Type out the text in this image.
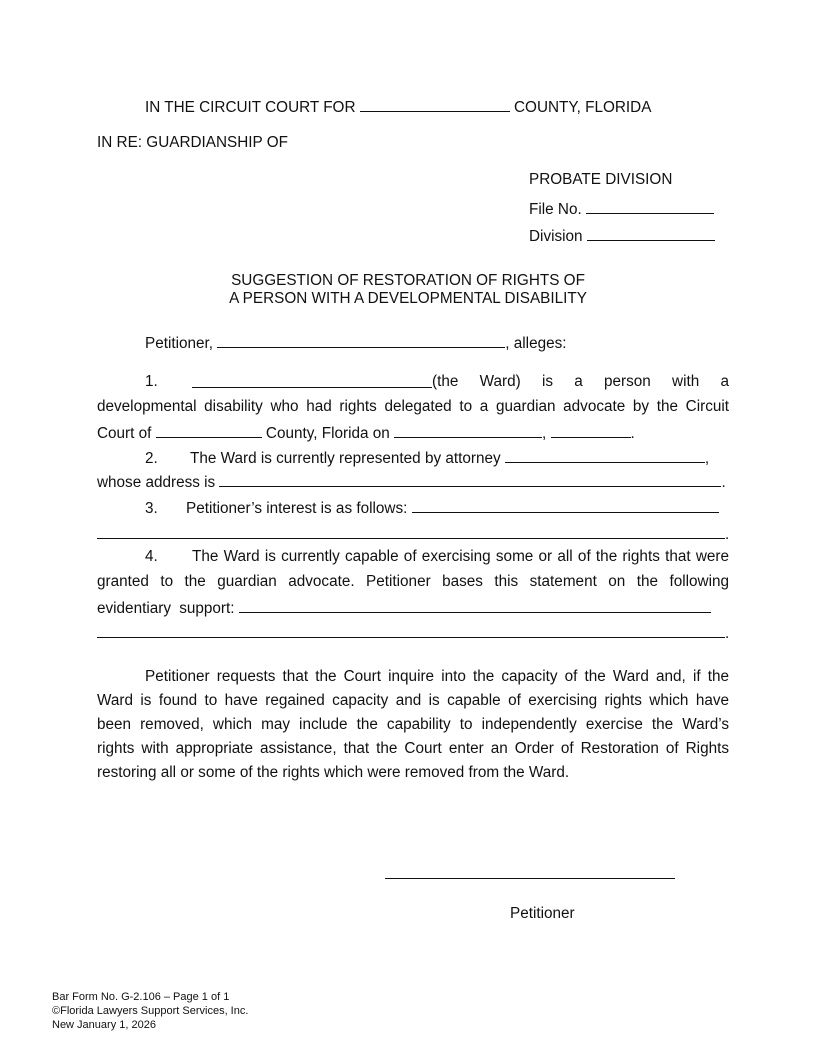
IN THE CIRCUIT COURT FOR	COUNTY, FLORIDA
IN RE: GUARDIANSHIP OF
PROBATE DIVISION
File No.
Division
SUGGESTION OF RESTORATION OF RIGHTS OF
A PERSON WITH A DEVELOPMENTAL DISABILITY
Petitioner,	, alleges:
1.	(the Ward) is a person with a
developmental disability who had rights delegated to a guardian advocate by the Circuit
Court of	County, Florida on	,	.
2. The Ward is currently represented by attorney	,
whose address is	.
3. Petitioner’s interest is as follows:
.
4. The Ward is currently capable of exercising some or all of the rights that were
granted to the guardian advocate. Petitioner bases this statement on the following
evidentiary support:
.
Petitioner requests that the Court inquire into the capacity of the Ward and, if the
Ward is found to have regained capacity and is capable of exercising rights which have
been removed, which may include the capability to independently exercise the Ward’s
rights with appropriate assistance, that the Court enter an Order of Restoration of Rights
restoring all or some of the rights which were removed from the Ward.
Petitioner
Bar Form No. G-2.106 – Page 1 of 1
©Florida Lawyers Support Services, Inc.
New January 1, 2026
